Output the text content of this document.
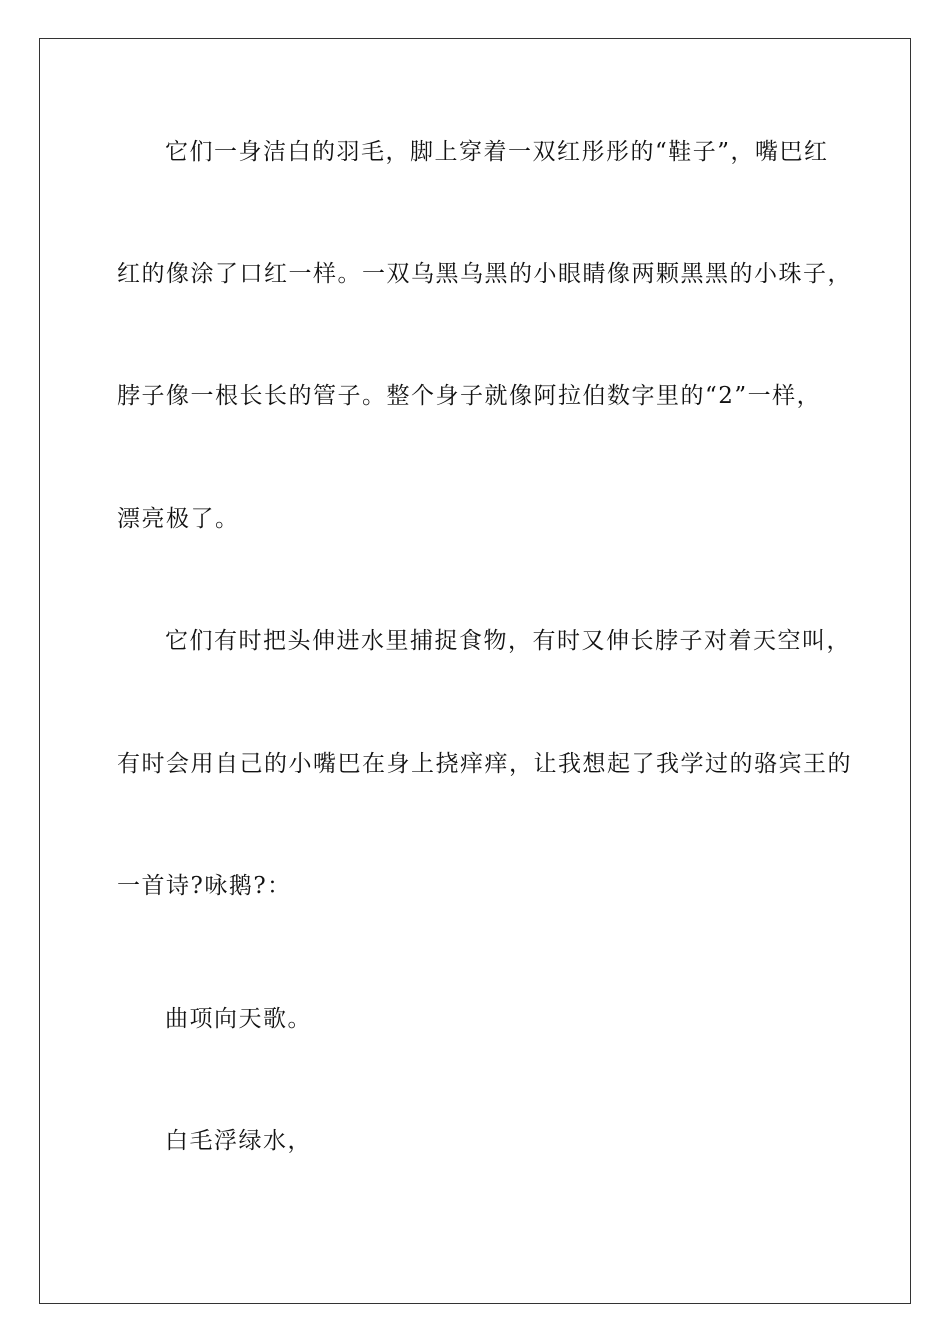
它们一身洁白的羽毛，脚上穿着一双红彤彤的“鞋子”，嘴巴红
红的像涂了口红一样。一双乌黑乌黑的小眼睛像两颗黑黑的小珠子，
脖子像一根长长的管子。整个身子就像阿拉伯数字里的“2”一样，
漂亮极了。
它们有时把头伸进水里捕捉食物，有时又伸长脖子对着天空叫，
有时会用自己的小嘴巴在身上挠痒痒，让我想起了我学过的骆宾王的
一首诗?咏鹅?：
曲项向天歌。
白毛浮绿水，
